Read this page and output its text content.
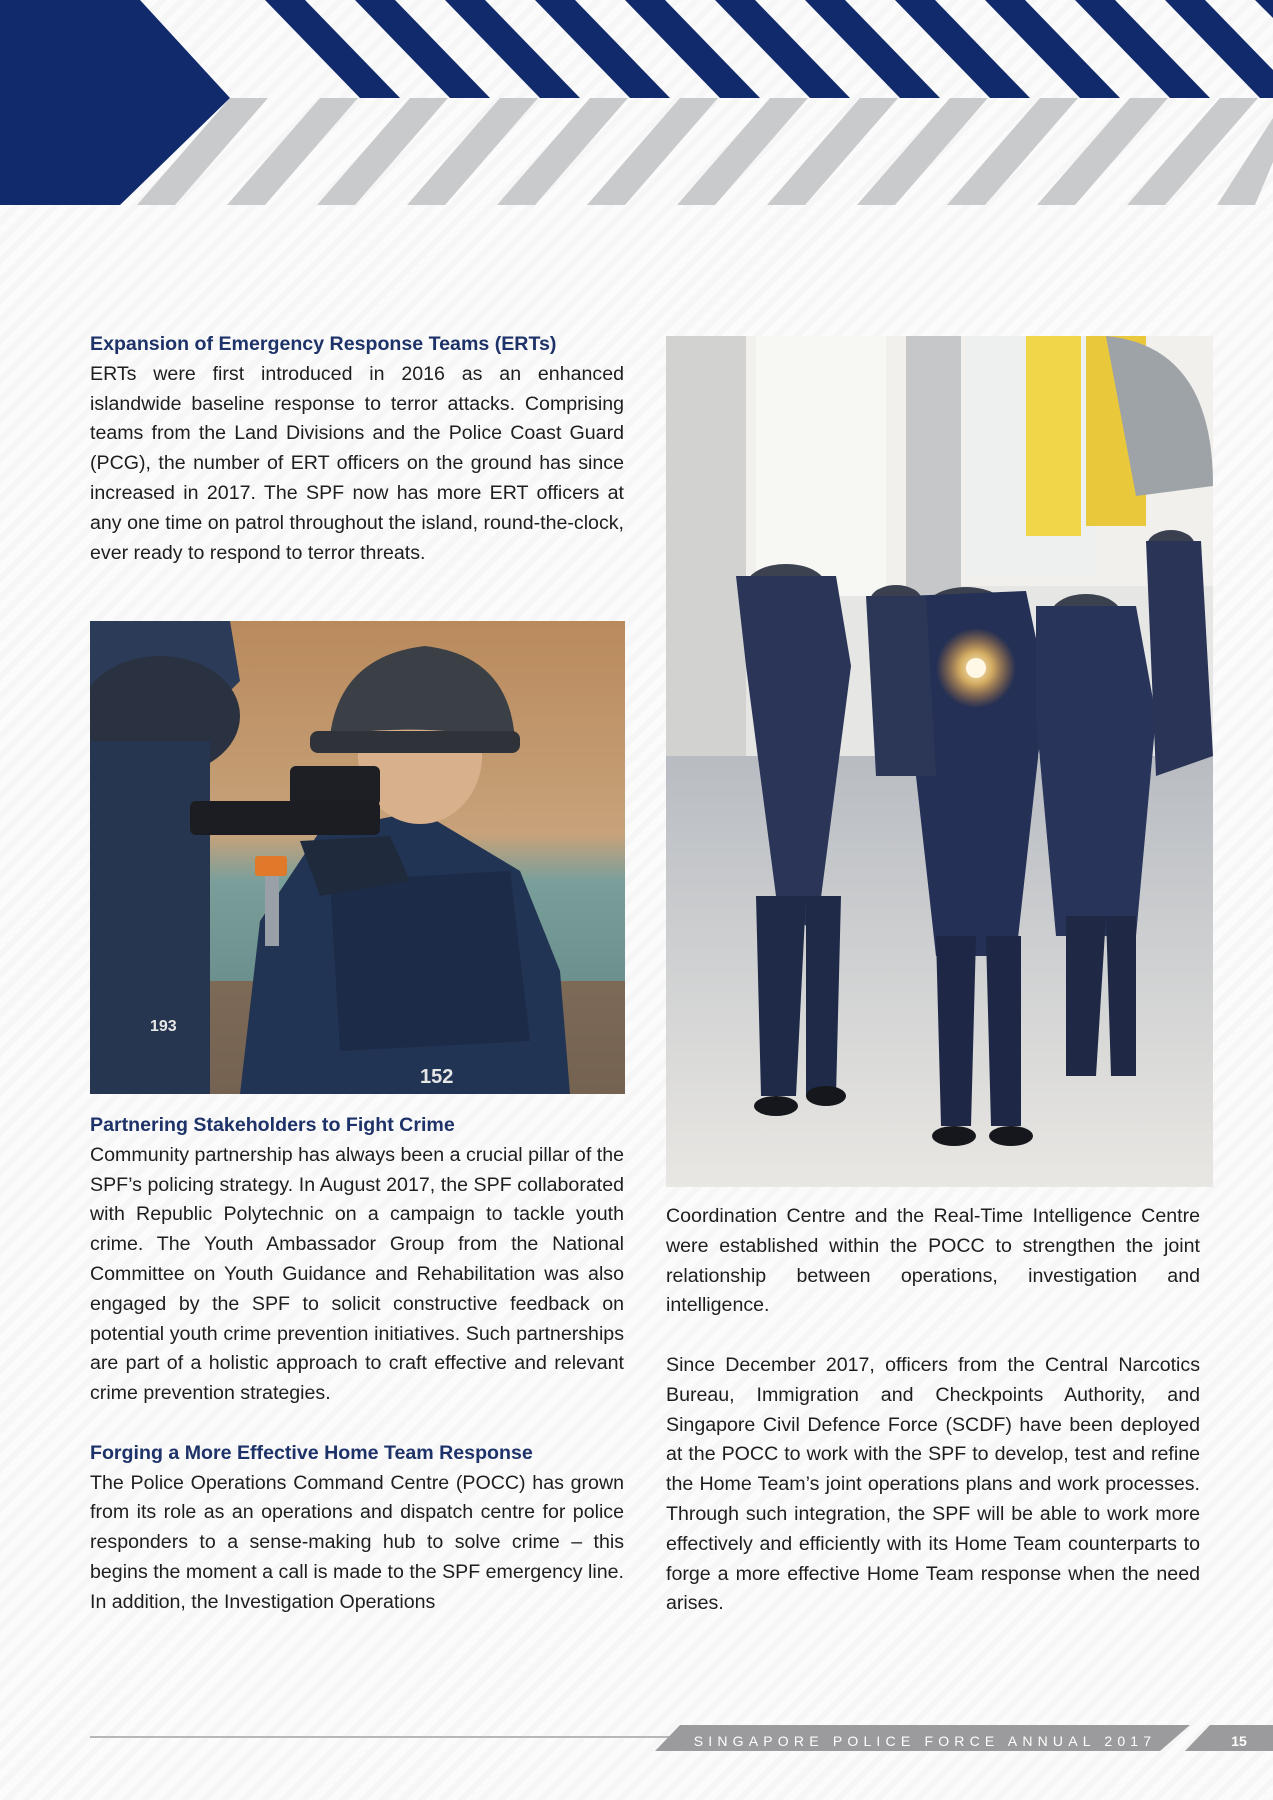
Expansion of Emergency Response Teams (ERTs)

ERTs were first introduced in 2016 as an enhanced islandwide baseline response to terror attacks. Comprising teams from the Land Divisions and the Police Coast Guard (PCG), the number of ERT officers on the ground has since increased in 2017. The SPF now has more ERT officers at any one time on patrol throughout the island, round-the-clock, ever ready to respond to terror threats.

193
152

Partnering Stakeholders to Fight Crime

Community partnership has always been a crucial pillar of the SPF’s policing strategy. In August 2017, the SPF collaborated with Republic Polytechnic on a campaign to tackle youth crime. The Youth Ambassador Group from the National Committee on Youth Guidance and Rehabilitation was also engaged by the SPF to solicit constructive feedback on potential youth crime prevention initiatives. Such partnerships are part of a holistic approach to craft effective and relevant crime prevention strategies.

Forging a More Effective Home Team Response

The Police Operations Command Centre (POCC) has grown from its role as an operations and dispatch centre for police responders to a sense-making hub to solve crime – this begins the moment a call is made to the SPF emergency line. In addition, the Investigation Operations

Coordination Centre and the Real-Time Intelligence Centre were established within the POCC to strengthen the joint relationship between operations, investigation and intelligence.

Since December 2017, officers from the Central Narcotics Bureau, Immigration and Checkpoints Authority, and Singapore Civil Defence Force (SCDF) have been deployed at the POCC to work with the SPF to develop, test and refine the Home Team’s joint operations plans and work processes. Through such integration, the SPF will be able to work more effectively and efficiently with its Home Team counterparts to forge a more effective Home Team response when the need arises.

SINGAPORE POLICE FORCE ANNUAL 2017	15
